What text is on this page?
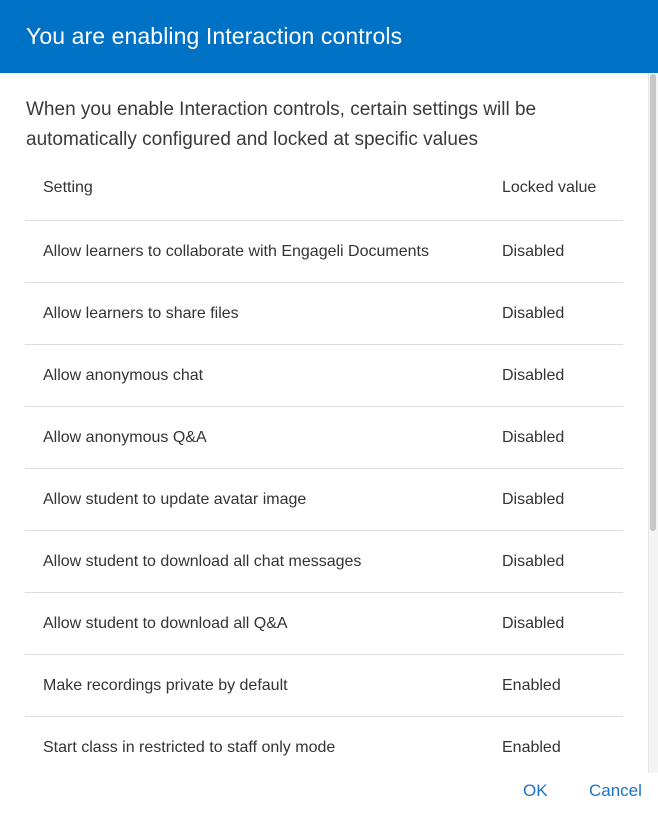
You are enabling Interaction controls
When you enable Interaction controls, certain settings will be automatically configured and locked at specific values
Setting	Locked value
Allow learners to collaborate with Engageli Documents	Disabled
Allow learners to share files	Disabled
Allow anonymous chat	Disabled
Allow anonymous Q&A	Disabled
Allow student to update avatar image	Disabled
Allow student to download all chat messages	Disabled
Allow student to download all Q&A	Disabled
Make recordings private by default	Enabled
Start class in restricted to staff only mode	Enabled
OK Cancel
